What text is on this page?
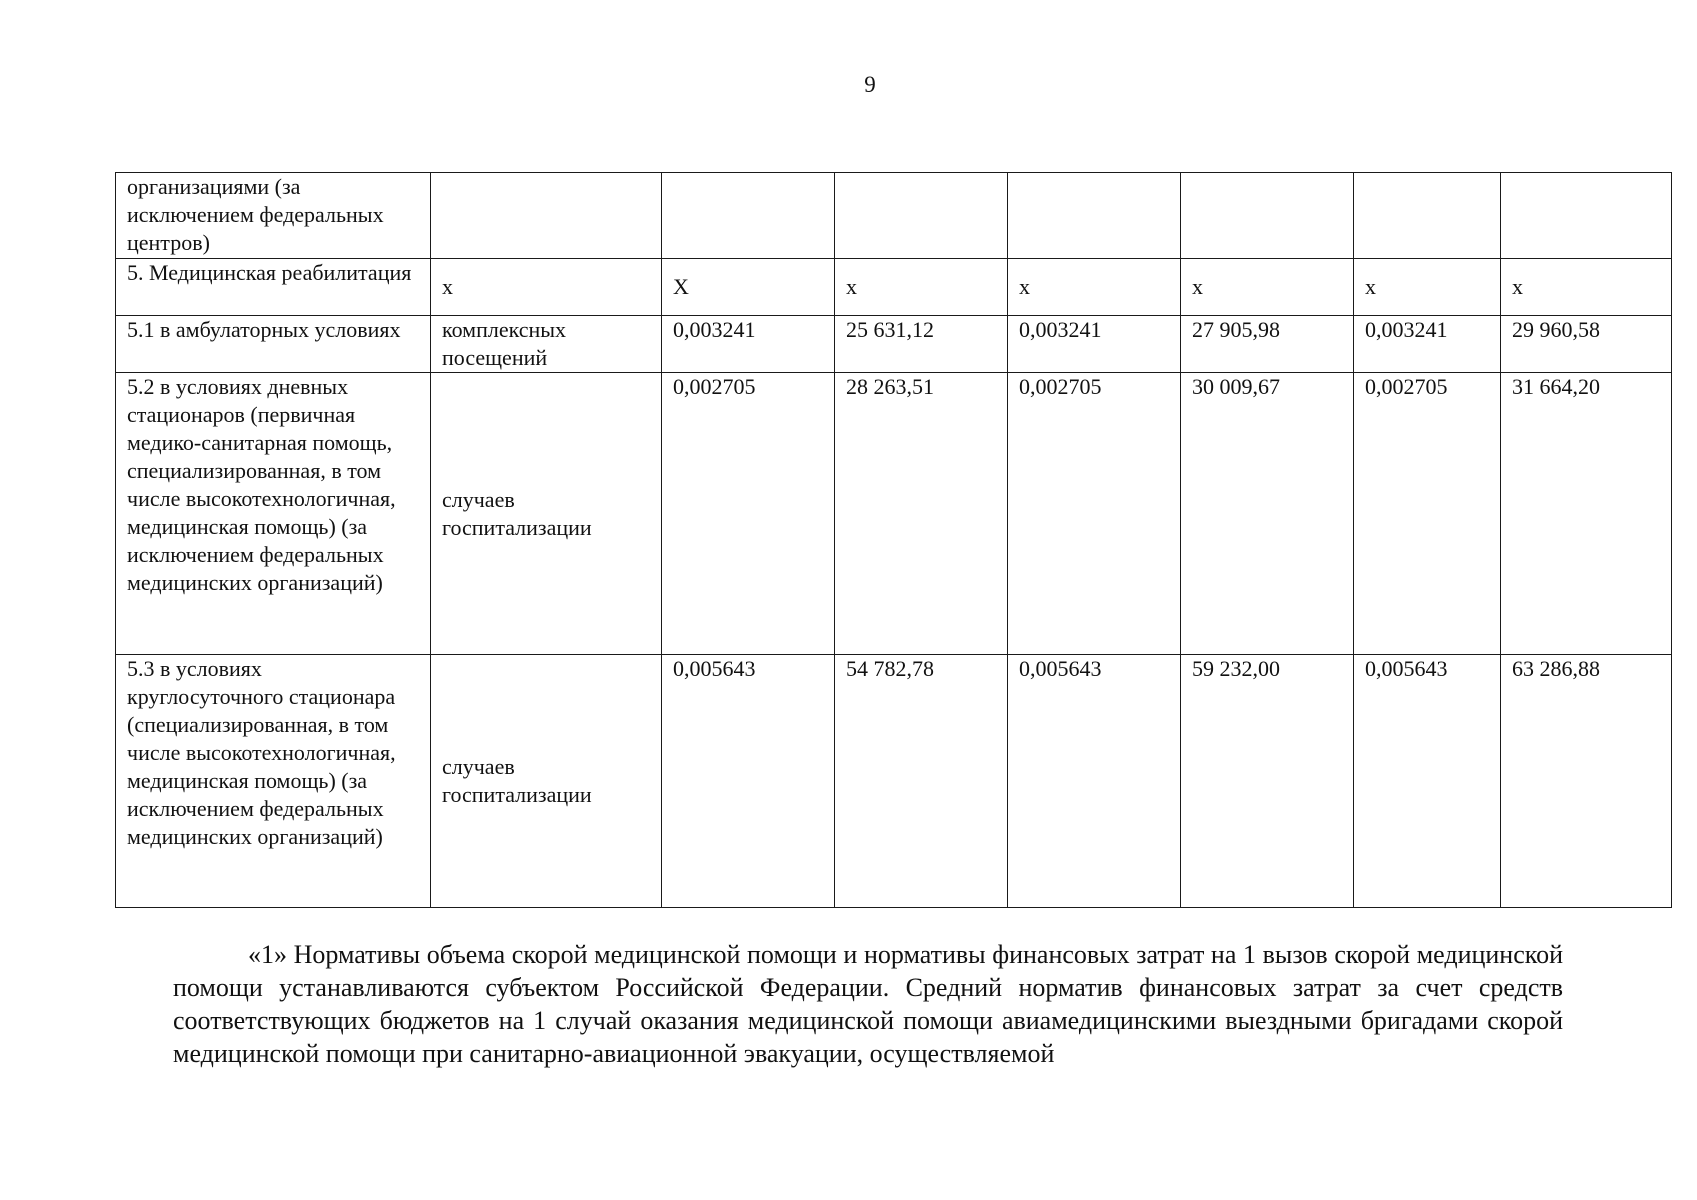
9
организациями (за исключением федеральных центров)							
5. Медицинская реабилитация	х	Х	х	х	х	х	х
5.1 в амбулаторных условиях	комплексных посещений	0,003241	25 631,12	0,003241	27 905,98	0,003241	29 960,58
5.2 в условиях дневных стационаров (первичная медико-санитарная помощь, специализированная, в том числе высокотехнологичная, медицинская помощь) (за исключением федеральных медицинских организаций)	случаев госпитализации	0,002705	28 263,51	0,002705	30 009,67	0,002705	31 664,20
5.3 в условиях круглосуточного стационара (специализированная, в том числе высокотехнологичная, медицинская помощь) (за исключением федеральных медицинских организаций)	случаев госпитализации	0,005643	54 782,78	0,005643	59 232,00	0,005643	63 286,88

«1» Нормативы объема скорой медицинской помощи и нормативы финансовых затрат на 1 вызов скорой медицинской помощи устанавливаются субъектом Российской Федерации. Средний норматив финансовых затрат за счет средств соответствующих бюджетов на 1 случай оказания медицинской помощи авиамедицинскими выездными бригадами скорой медицинской помощи при санитарно-авиационной эвакуации, осуществляемой
